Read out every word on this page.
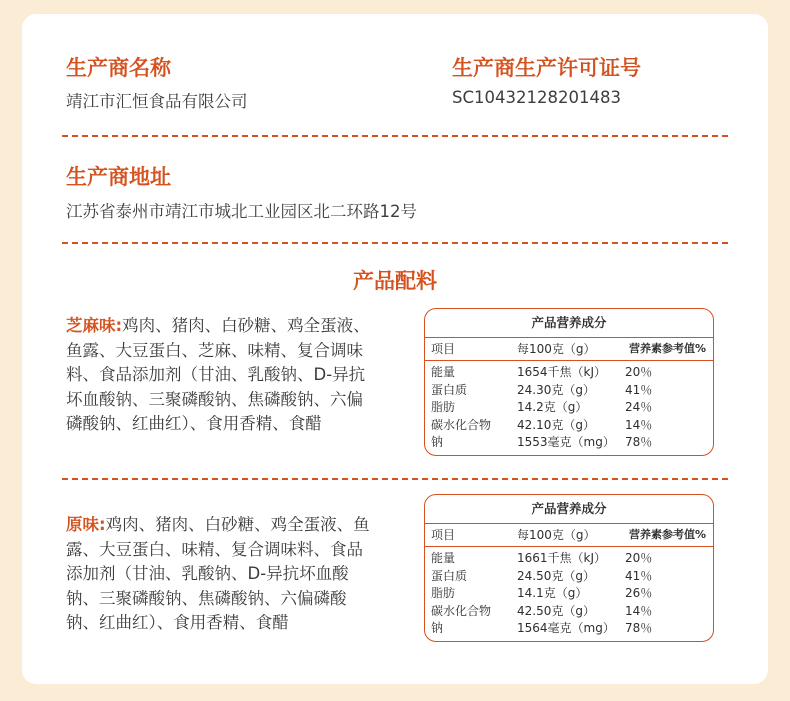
生产商名称
靖江市汇恒食品有限公司
生产商生产许可证号
SC10432128201483
生产商地址
江苏省泰州市靖江市城北工业园区北二环路12号
产品配料
芝麻味:鸡肉、猪肉、白砂糖、鸡全蛋液、鱼露、大豆蛋白、芝麻、味精、复合调味料、食品添加剂（甘油、乳酸钠、D-异抗坏血酸钠、三聚磷酸钠、焦磷酸钠、六偏磷酸钠、红曲红）、食用香精、食醋
产品营养成分
项目	每100克（g）	营养素参考值%
能量	1654千焦（kJ） 20％
蛋白质	24.30克（g）	41％
脂肪	14.2克（g）	24％
碳水化合物 42.10克（g）	14％
钠	1553毫克（mg） 78％
原味:鸡肉、猪肉、白砂糖、鸡全蛋液、鱼露、大豆蛋白、味精、复合调味料、食品添加剂（甘油、乳酸钠、D-异抗坏血酸钠、三聚磷酸钠、焦磷酸钠、六偏磷酸钠、红曲红）、食用香精、食醋
产品营养成分
项目	每100克（g）	营养素参考值%
能量	1661千焦（kJ） 20％
蛋白质	24.50克（g）	41％
脂肪	14.1克（g）	26％
碳水化合物 42.50克（g）	14％
钠	1564毫克（mg） 78％
